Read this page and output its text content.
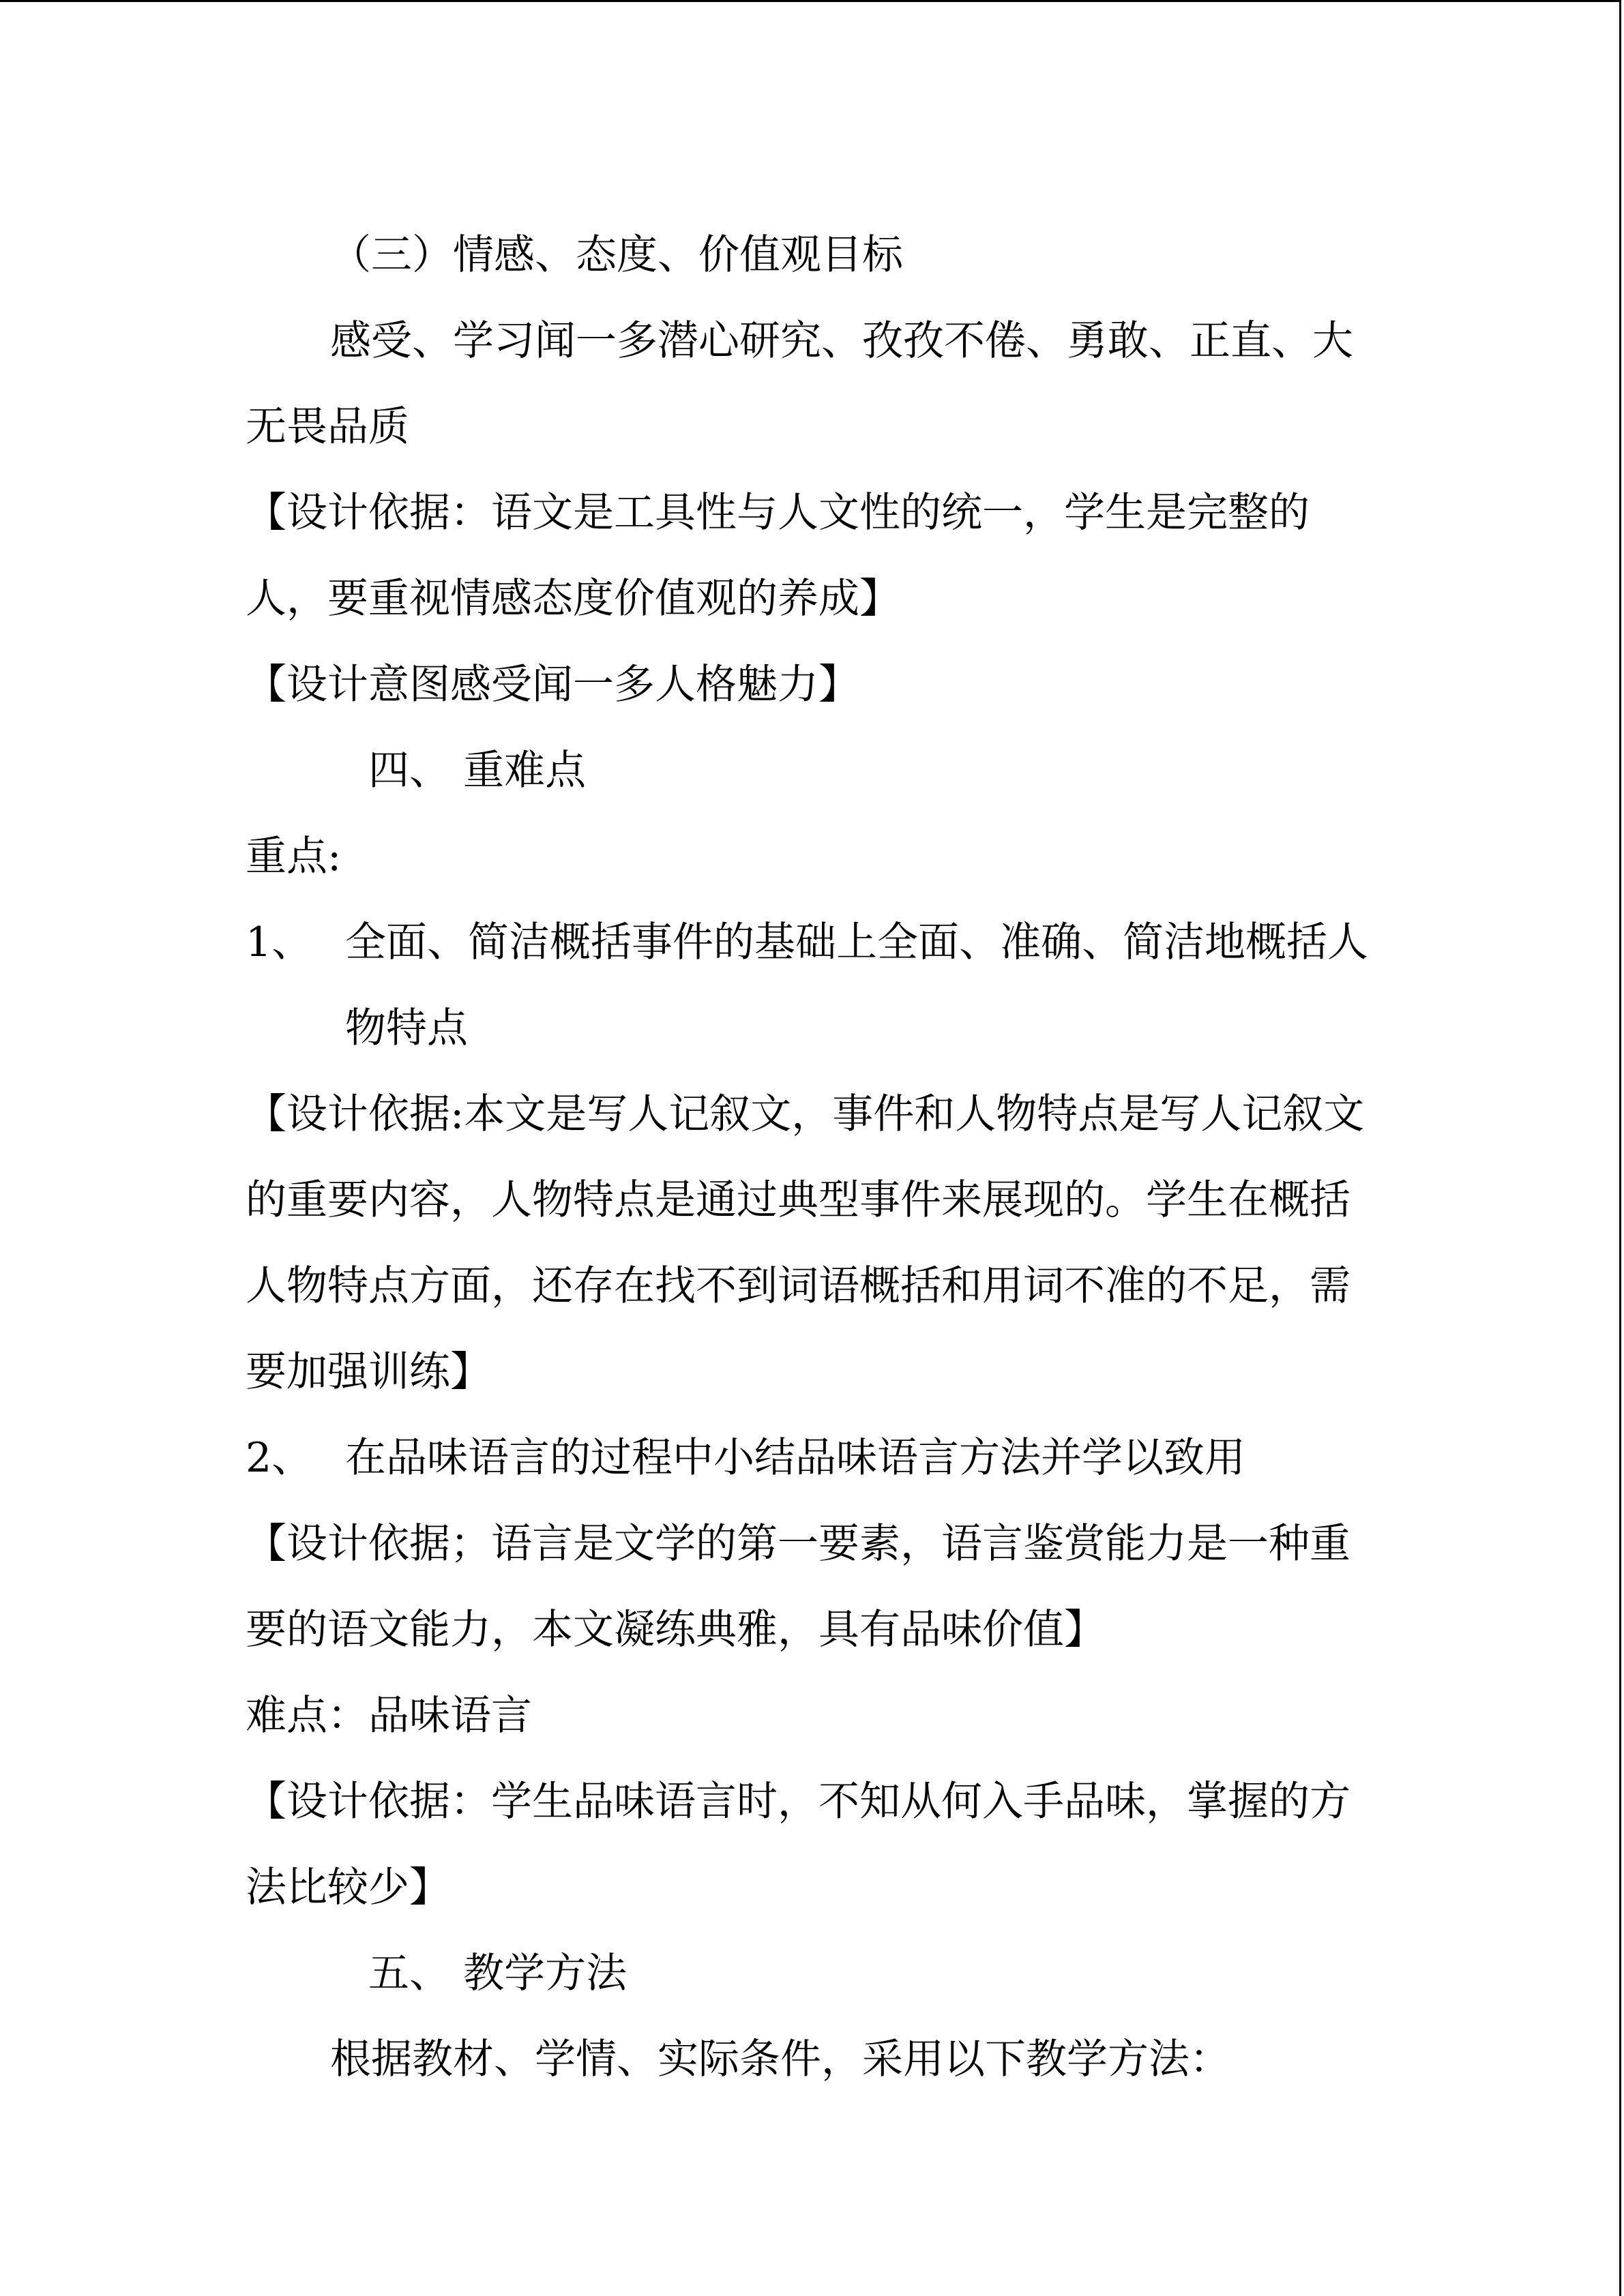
（三）情感、态度、价值观目标
感受、学习闻一多潜心研究、孜孜不倦、勇敢、正直、大
无畏品质
【设计依据：语文是工具性与人文性的统一，学生是完整的
人，要重视情感态度价值观的养成】
【设计意图感受闻一多人格魅力】
四、 重难点
重点:
1、 全面、简洁概括事件的基础上全面、准确、简洁地概括人
物特点
【设计依据:本文是写人记叙文，事件和人物特点是写人记叙文
的重要内容，人物特点是通过典型事件来展现的。学生在概括
人物特点方面，还存在找不到词语概括和用词不准的不足，需
要加强训练】
2、 在品味语言的过程中小结品味语言方法并学以致用
【设计依据；语言是文学的第一要素，语言鉴赏能力是一种重
要的语文能力，本文凝练典雅，具有品味价值】
难点：品味语言
【设计依据：学生品味语言时，不知从何入手品味，掌握的方
法比较少】
五、 教学方法
根据教材、学情、实际条件，采用以下教学方法：
